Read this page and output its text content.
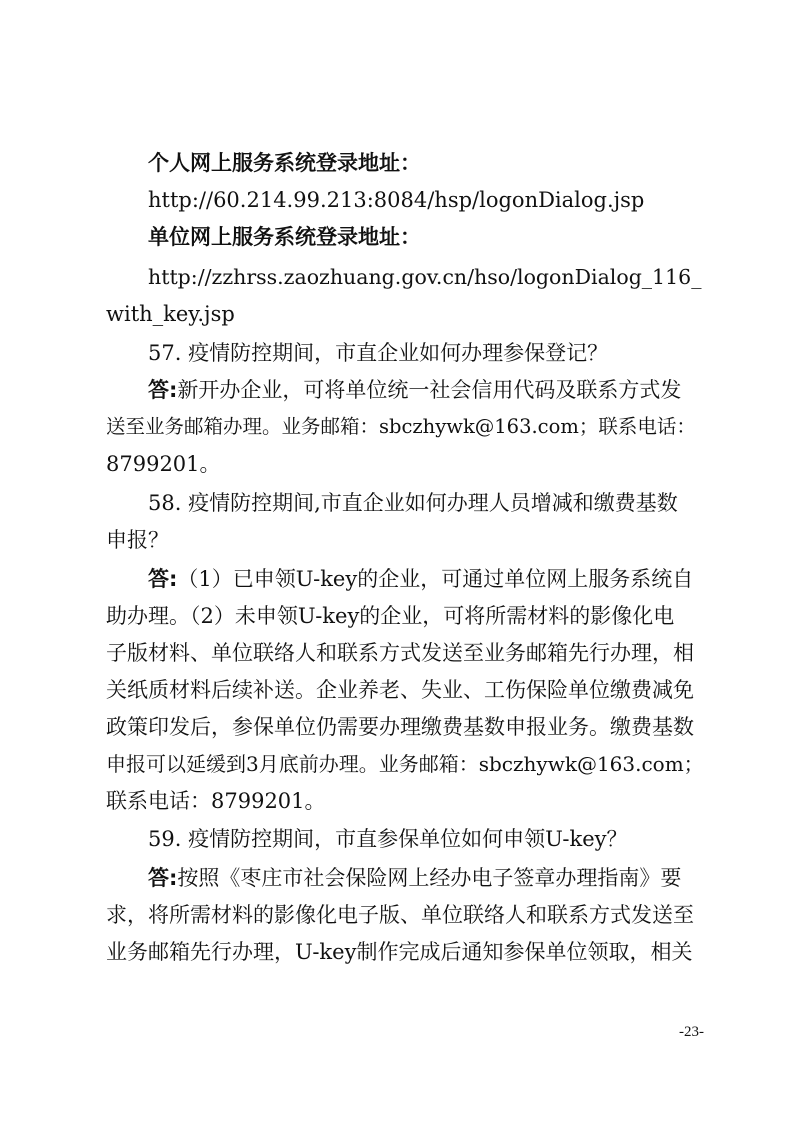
个人网上服务系统登录地址：
http://60.214.99.213:8084/hsp/logonDialog.jsp
单位网上服务系统登录地址：
http://zzhrss.zaozhuang.gov.cn/hso/logonDialog_116_
with_key.jsp
57. 疫情防控期间，市直企业如何办理参保登记？
答:新开办企业，可将单位统一社会信用代码及联系方式发
送至业务邮箱办理。业务邮箱：sbczhywk@163.com；联系电话：
8799201。
58. 疫情防控期间,市直企业如何办理人员增减和缴费基数
申报？
答:（1）已申领U-key的企业，可通过单位网上服务系统自
助办理。（2）未申领U-key的企业，可将所需材料的影像化电
子版材料、单位联络人和联系方式发送至业务邮箱先行办理，相
关纸质材料后续补送。企业养老、失业、工伤保险单位缴费减免
政策印发后，参保单位仍需要办理缴费基数申报业务。缴费基数
申报可以延缓到3月底前办理。业务邮箱：sbczhywk@163.com；
联系电话：8799201。
59. 疫情防控期间，市直参保单位如何申领U-key？
答:按照《枣庄市社会保险网上经办电子签章办理指南》要
求，将所需材料的影像化电子版、单位联络人和联系方式发送至
业务邮箱先行办理，U-key制作完成后通知参保单位领取，相关
-23-
